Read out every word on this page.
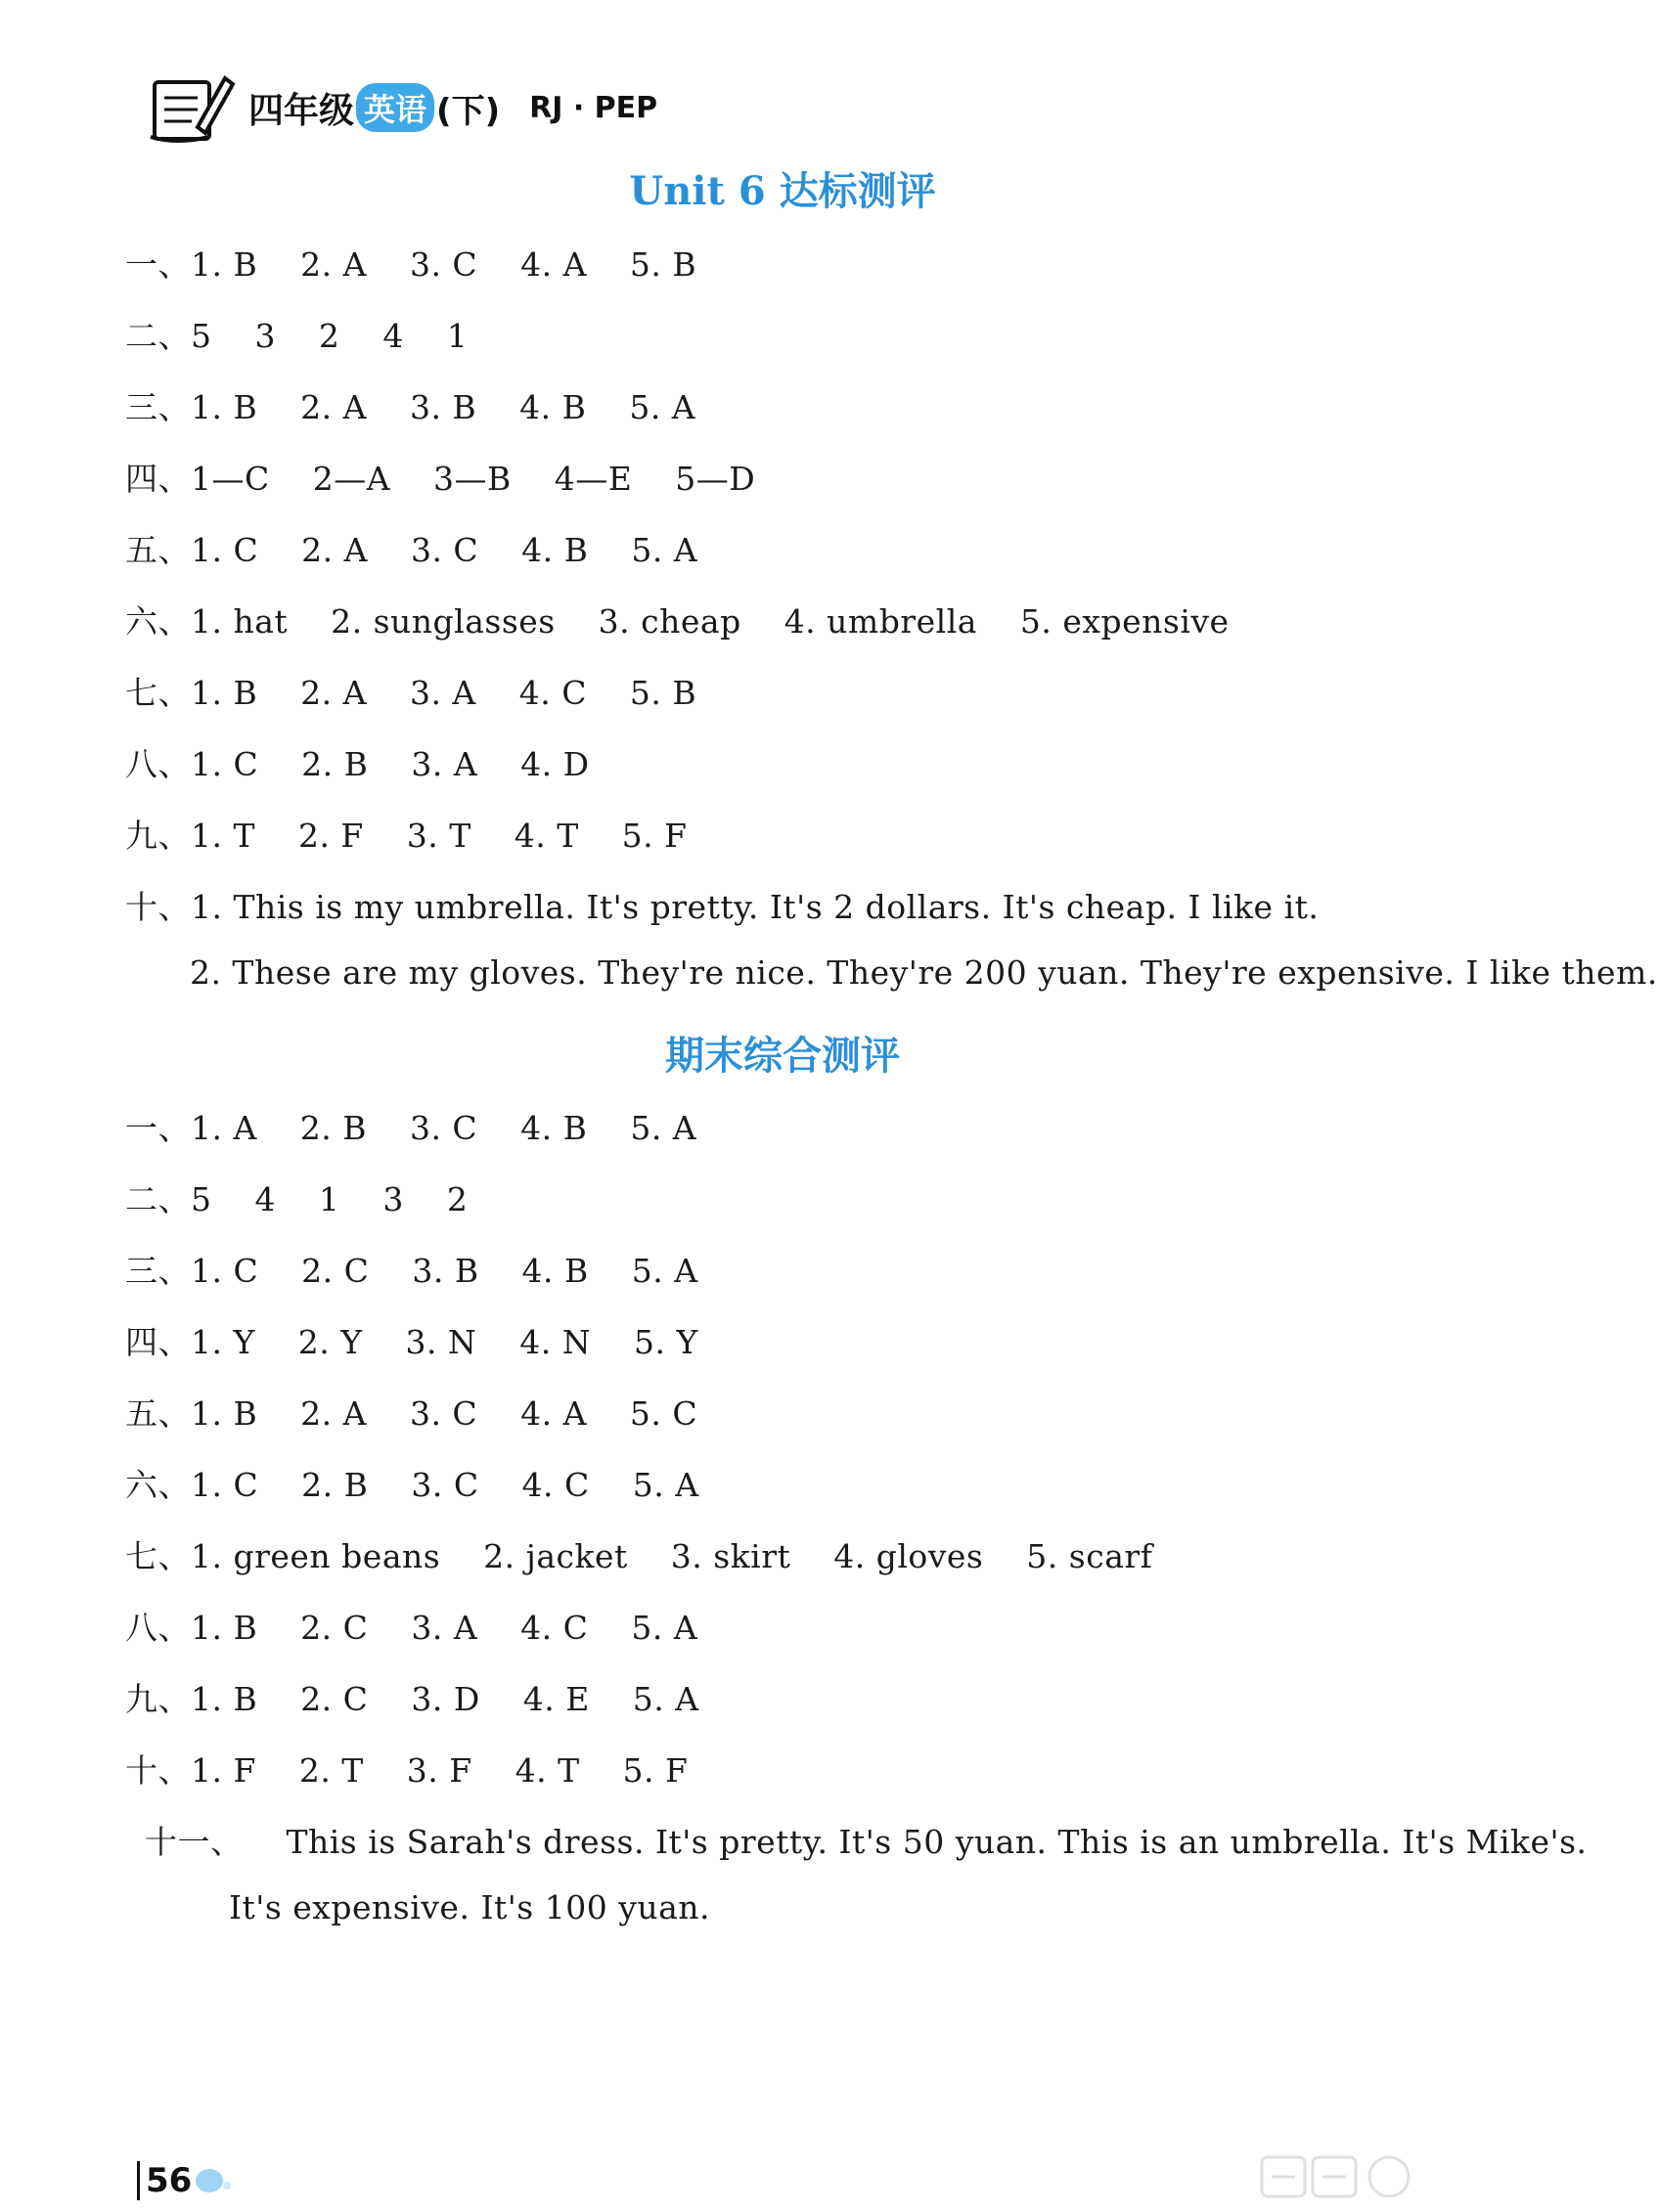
四年级 英语 (下) RJ · PEP
Unit 6 达标测评
一、1. B    2. A    3. C    4. A    5. B
二、5    3    2    4    1
三、1. B    2. A    3. B    4. B    5. A
四、1—C    2—A    3—B    4—E    5—D
五、1. C    2. A    3. C    4. B    5. A
六、1. hat    2. sunglasses    3. cheap    4. umbrella    5. expensive
七、1. B    2. A    3. A    4. C    5. B
八、1. C    2. B    3. A    4. D
九、1. T    2. F    3. T    4. T    5. F
十、1. This is my umbrella. It's pretty. It's 2 dollars. It's cheap. I like it.
2. These are my gloves. They're nice. They're 200 yuan. They're expensive. I like them.
期末综合测评
一、1. A    2. B    3. C    4. B    5. A
二、5    4    1    3    2
三、1. C    2. C    3. B    4. B    5. A
四、1. Y    2. Y    3. N    4. N    5. Y
五、1. B    2. A    3. C    4. A    5. C
六、1. C    2. B    3. C    4. C    5. A
七、1. green beans    2. jacket    3. skirt    4. gloves    5. scarf
八、1. B    2. C    3. A    4. C    5. A
九、1. B    2. C    3. D    4. E    5. A
十、1. F    2. T    3. F    4. T    5. F
十一、    This is Sarah's dress. It's pretty. It's 50 yuan. This is an umbrella. It's Mike's.
It's expensive. It's 100 yuan.
56
